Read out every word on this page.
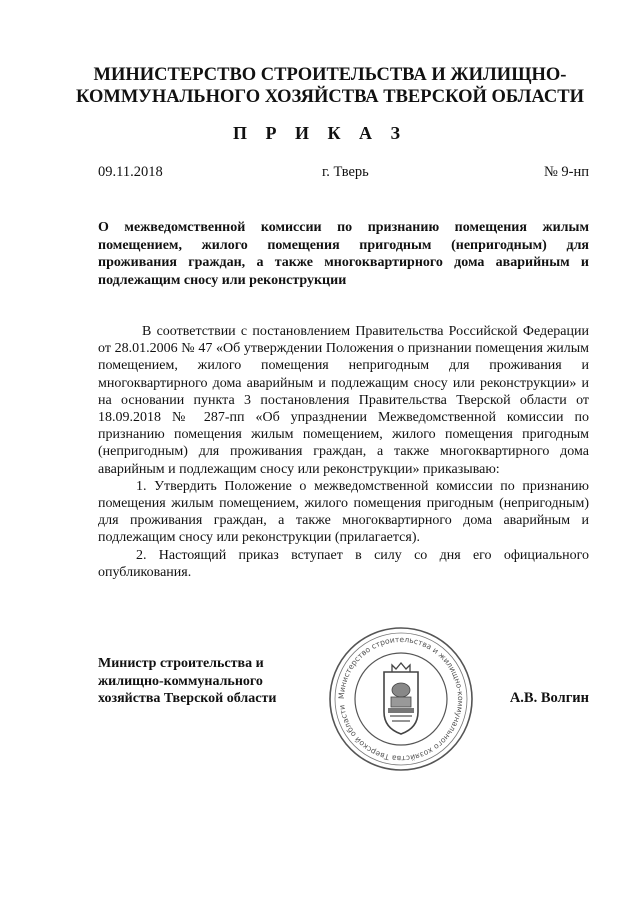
МИНИСТЕРСТВО СТРОИТЕЛЬСТВА И ЖИЛИЩНО-
КОММУНАЛЬНОГО ХОЗЯЙСТВА ТВЕРСКОЙ ОБЛАСТИ
П Р И К А З
09.11.2018	г. Тверь	№ 9-нп
О межведомственной комиссии по признанию помещения жилым помещением, жилого помещения пригодным (непригодным) для проживания граждан, а также многоквартирного дома аварийным и подлежащим сносу или реконструкции

В соответствии с постановлением Правительства Российской Федерации от 28.01.2006 № 47 «Об утверждении Положения о признании помещения жилым помещением, жилого помещения непригодным для проживания и многоквартирного дома аварийным и подлежащим сносу или реконструкции» и на основании пункта 3 постановления Правительства Тверской области от 18.09.2018 № 287-пп «Об упразднении Межведомственной комиссии по признанию помещения жилым помещением, жилого помещения пригодным (непригодным) для проживания граждан, а также многоквартирного дома аварийным и подлежащим сносу или реконструкции» приказываю:

1. Утвердить Положение о межведомственной комиссии по признанию помещения жилым помещением, жилого помещения пригодным (непригодным) для проживания граждан, а также многоквартирного дома аварийным и подлежащим сносу или реконструкции (прилагается).

2. Настоящий приказ вступает в силу со дня его официального опубликования.

Министр строительства и
жилищно-коммунального
хозяйства Тверской области	А.В. Волгин
Министерство строительства и жилищно-коммунального хозяйства Тверской области
